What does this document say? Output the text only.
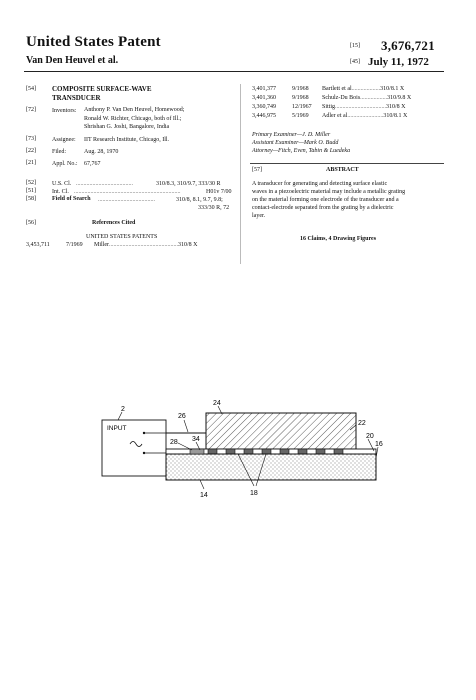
United States Patent
Van Den Heuvel et al.
[15] 3,676,721
[45] July 11, 1972
[54] COMPOSITE SURFACE-WAVE
TRANSDUCER
[72]	Inventors: Anthony P. Van Den Heuvel, Homewood;
Ronald W. Richter, Chicago, both of Ill.;
Shrishan G. Joshi, Bangalore, India
[73]	Assignee: IIT Research Institute, Chicago, Ill.
[22]	Filed:	Aug. 28, 1970
[21]	Appl. No.: 67,767
[52]	U.S. Cl. ......................................	310/8.3, 310/9.7, 333/30 R
[51]	Int. Cl. .......................................................................	H01v 7/00
[58]	Field of Search ......................................	310/8, 8.1, 9.7, 9.8;
333/30 R, 72
[56]	References Cited
UNITED STATES PATENTS
3,453,711	7/1969 Miller..............................................310/8 X
3,401,377	9/1968 Bartlett et al...................310/8.1 X
3,401,360	9/1968 Schulz-Du Bois..................310/9.8 X
3,360,749	12/1967 Sittig..................................310/8 X
3,446,975	5/1969 Adler et al........................310/8.1 X
Primary Examiner—J. D. Miller
Assistant Examiner—Mark O. Budd
Attorney—Fitch, Even, Tabin & Luedeka
[57]	ABSTRACT
A transducer for generating and detecting surface elastic
waves in a piezoelectric material may include a metallic grating
on the material forming one electrode of the transducer and a
contact-electrode separated from the grating by a dielectric
layer.
16 Claims, 4 Drawing Figures
INPUT
2
26
24
22
20
16
28 34
14	18
